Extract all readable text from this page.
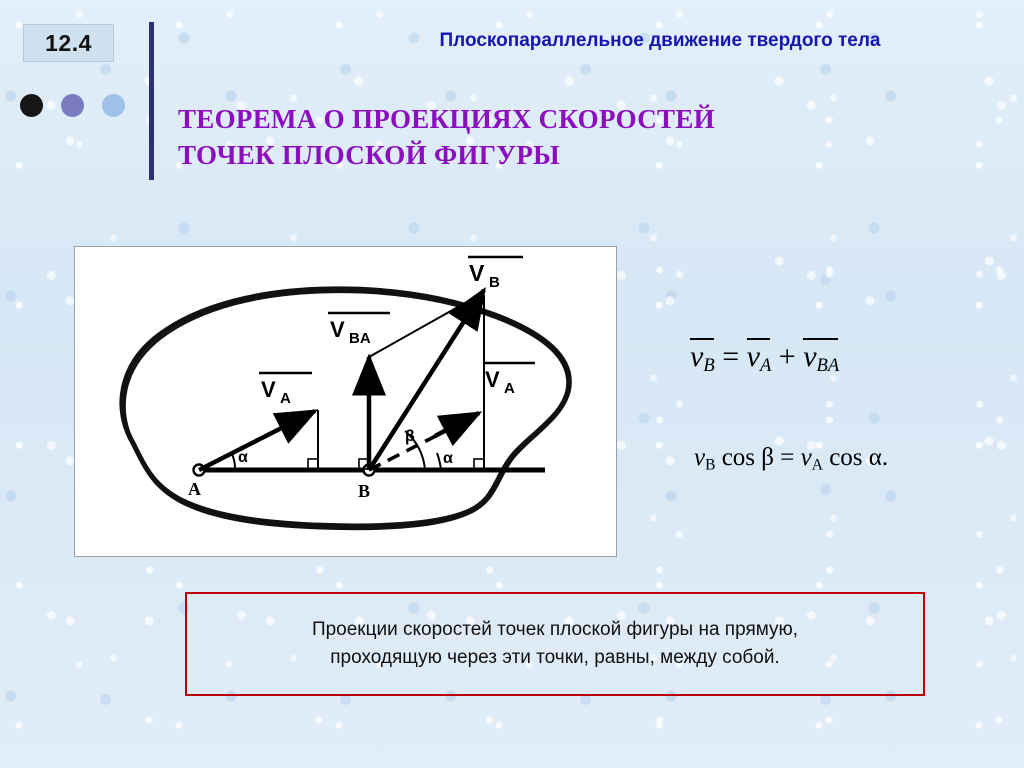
12.4	Плоскопараллельное движение твердого тела
ТЕОРЕМА О ПРОЕКЦИЯХ СКОРОСТЕЙ
ТОЧЕК ПЛОСКОЙ ФИГУРЫ
A	B
α
V A
V BA
V B
β
α
V A
$v_B = v_A + v_{BA}$
vB cos β = vA cos α.
Проекции скоростей точек плоской фигуры на прямую,
проходящую через эти точки, равны, между собой.
